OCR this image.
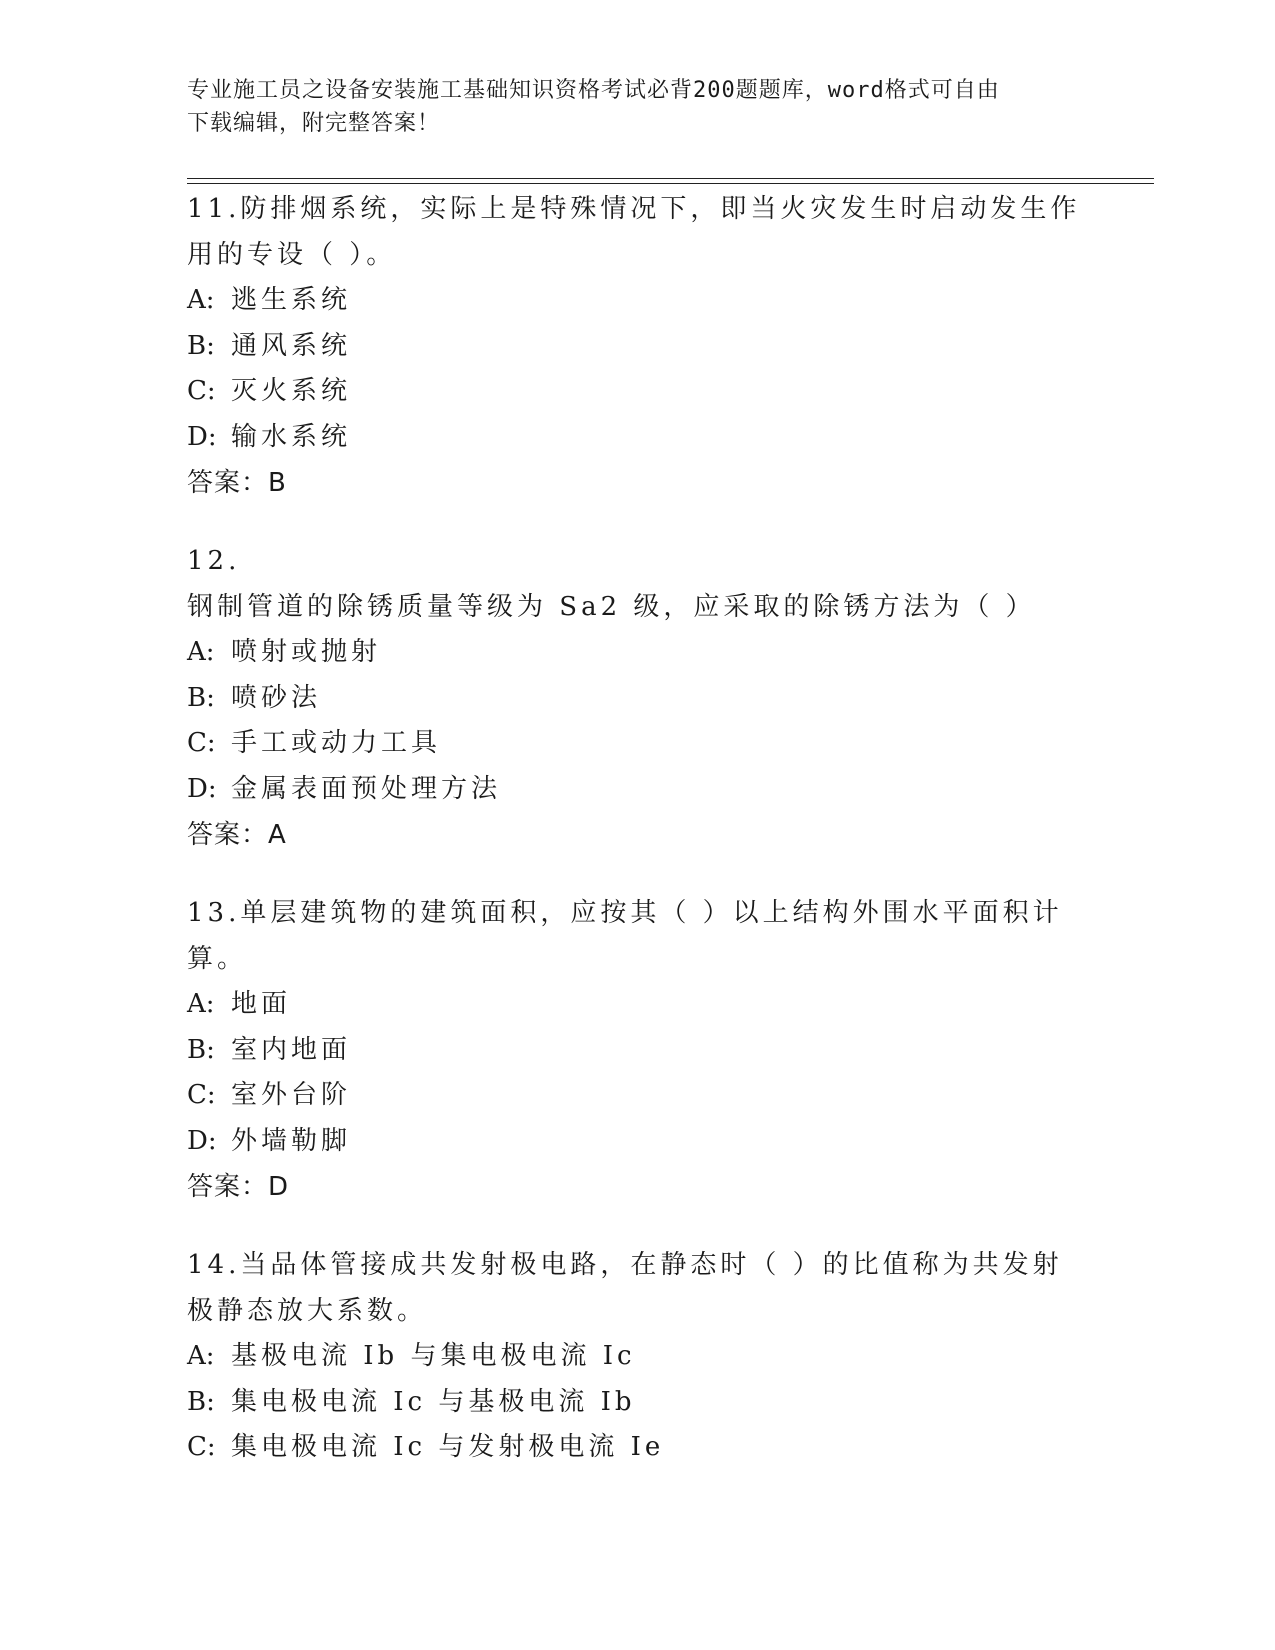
专业施工员之设备安装施工基础知识资格考试必背200题题库，word格式可自由
下载编辑，附完整答案！

11.防排烟系统，实际上是特殊情况下，即当火灾发生时启动发生作用的专设（ ）。

A: 逃生系统

B: 通风系统

C: 灭火系统

D: 输水系统

答案：B

12.钢制管道的除锈质量等级为 Sa2 级，应采取的除锈方法为（ ）

A: 喷射或抛射

B: 喷砂法

C: 手工或动力工具

D: 金属表面预处理方法

答案：A

13.单层建筑物的建筑面积，应按其（ ）以上结构外围水平面积计算。

A: 地面

B: 室内地面

C: 室外台阶

D: 外墙勒脚

答案：D

14.当品体管接成共发射极电路，在静态时（ ）的比值称为共发射极静态放大系数。

A: 基极电流 Ib 与集电极电流 Ic

B: 集电极电流 Ic 与基极电流 Ib

C: 集电极电流 Ic 与发射极电流 Ie
